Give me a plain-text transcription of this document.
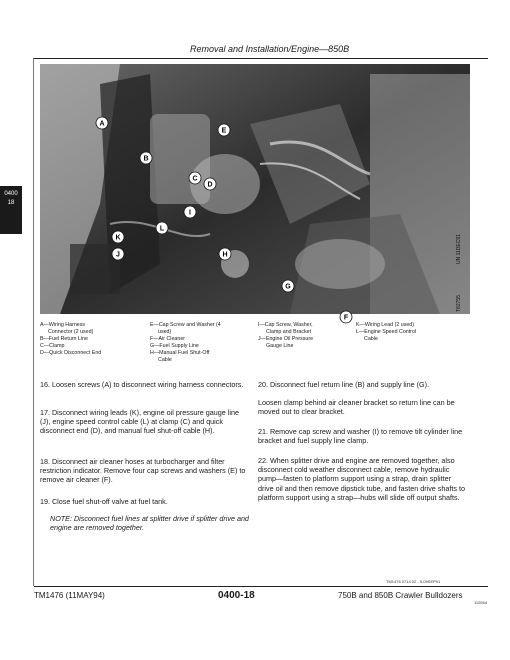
Removal and Installation/Engine—850B
0400
18
A
E
B
C
D
I
L
K
J	H
G
F
T82755
UN 11DEC91
A—Wiring Harness
Connector (2 used)
B—Fuel Return Line
C—Clamp
D—Quick Disconnect End
E—Cap Screw and Washer (4
used)
F—Air Cleaner
G—Fuel Supply Line
H—Manual Fuel Shut-Off
Cable
I—Cap Screw, Washer,
Clamp and Bracket
J—Engine Oil Pressure
Gauge Line
K—Wiring Lead (2 used)
L—Engine Speed Control
Cable
16. Loosen screws (A) to disconnect wiring harness connectors.
17. Disconnect wiring leads (K), engine oil pressure gauge line (J), engine speed control cable (L) at clamp (C) and quick disconnect end (D), and manual fuel shut-off cable (H).
18. Disconnect air cleaner hoses at turbocharger and filter restriction indicator. Remove four cap screws and washers (E) to remove air cleaner (F).
19. Close fuel shut-off valve at fuel tank.
NOTE: Disconnect fuel lines at splitter drive if splitter drive and engine are removed together.
20. Disconnect fuel return line (B) and supply line (G).
Loosen clamp behind air cleaner bracket so return line can be moved out to clear bracket.
21. Remove cap screw and washer (I) to remove tilt cylinder line bracket and fuel supply line clamp.
22. When splitter drive and engine are removed together, also disconnect cold weather disconnect cable, remove hydraulic pump—fasten to platform support using a strap, drain splitter drive oil and then remove dipstick tube, and fasten drive shafts to platform support using a strap—hubs will slide off output shafts.
TM1476 0714 02 - 5-09SEP91
TM1476 (11MAY94)	0400-18	750B and 850B Crawler Bulldozers
110594
